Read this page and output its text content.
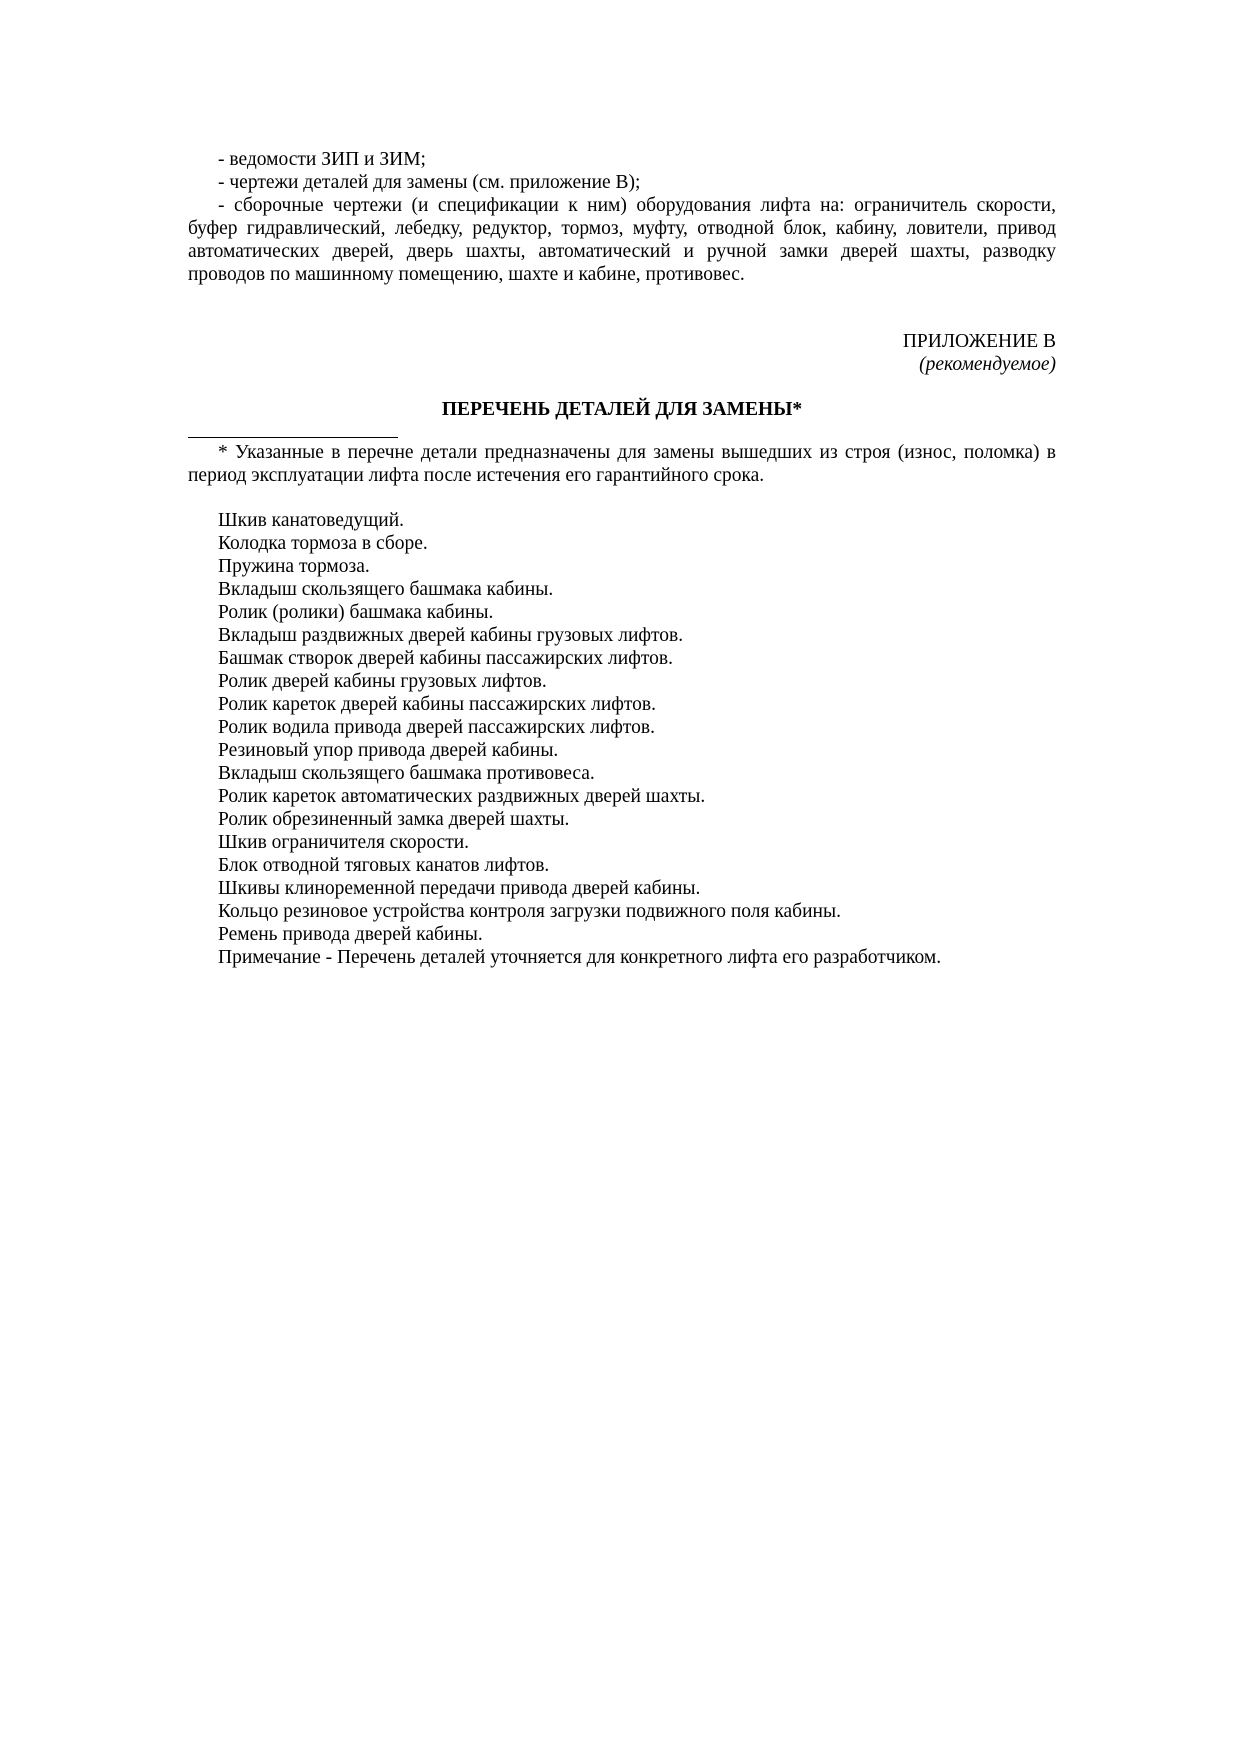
- ведомости ЗИП и ЗИМ;

- чертежи деталей для замены (см. приложение В);

- сборочные чертежи (и спецификации к ним) оборудования лифта на: ограничитель скорости, буфер гидравлический, лебедку, редуктор, тормоз, муфту, отводной блок, кабину, ловители, привод автоматических дверей, дверь шахты, автоматический и ручной замки дверей шахты, разводку проводов по машинному помещению, шахте и кабине, противовес.

ПРИЛОЖЕНИЕ В

(рекомендуемое)

ПЕРЕЧЕНЬ ДЕТАЛЕЙ ДЛЯ ЗАМЕНЫ*

* Указанные в перечне детали предназначены для замены вышедших из строя (износ, поломка) в период эксплуатации лифта после истечения его гарантийного срока.

Шкив канатоведущий.
Колодка тормоза в сборе.
Пружина тормоза.
Вкладыш скользящего башмака кабины.
Ролик (ролики) башмака кабины.
Вкладыш раздвижных дверей кабины грузовых лифтов.
Башмак створок дверей кабины пассажирских лифтов.
Ролик дверей кабины грузовых лифтов.
Ролик кареток дверей кабины пассажирских лифтов.
Ролик водила привода дверей пассажирских лифтов.
Резиновый упор привода дверей кабины.
Вкладыш скользящего башмака противовеса.
Ролик кареток автоматических раздвижных дверей шахты.
Ролик обрезиненный замка дверей шахты.
Шкив ограничителя скорости.
Блок отводной тяговых канатов лифтов.
Шкивы клиноременной передачи привода дверей кабины.
Кольцо резиновое устройства контроля загрузки подвижного поля кабины.
Ремень привода дверей кабины.
Примечание - Перечень деталей уточняется для конкретного лифта его разработчиком.
